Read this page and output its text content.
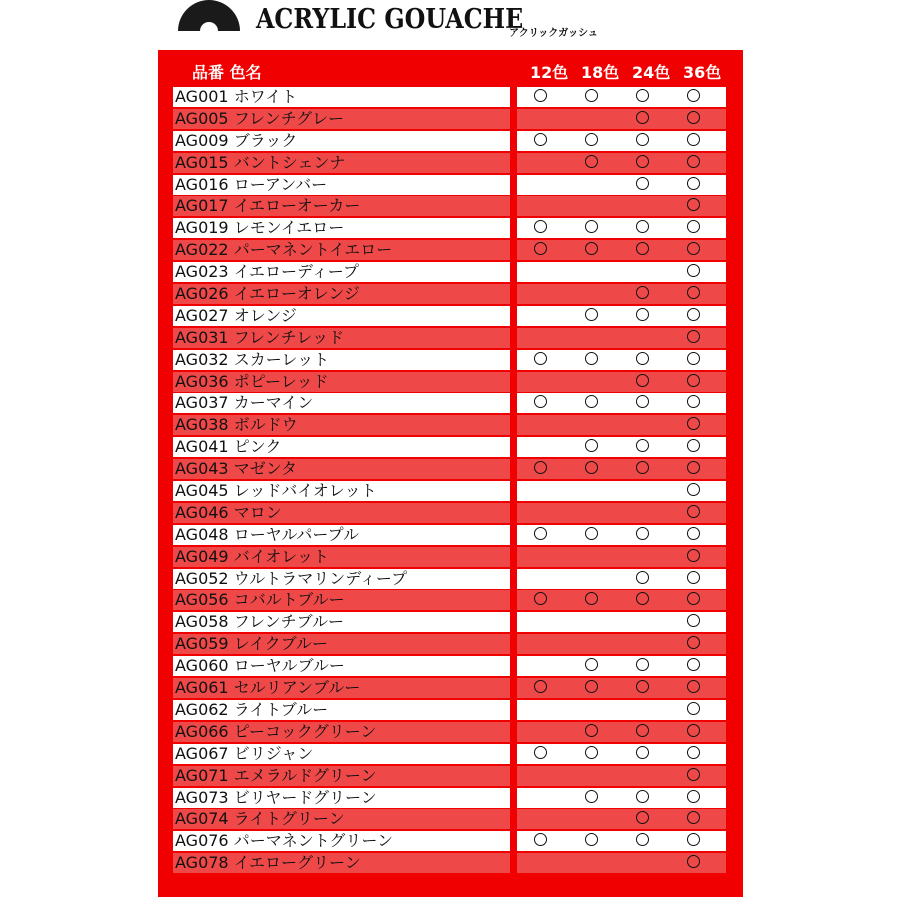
ACRYLIC GOUACHE
アクリックガッシュ
品番 色名	12色 18色 24色 36色
AG001 ホワイト
AG005 フレンチグレー
AG009 ブラック
AG015 バントシェンナ
AG016 ローアンバー
AG017 イエローオーカー
AG019 レモンイエロー
AG022 パーマネントイエロー
AG023 イエローディープ
AG026 イエローオレンジ
AG027 オレンジ
AG031 フレンチレッド
AG032 スカーレット
AG036 ポピーレッド
AG037 カーマイン
AG038 ボルドウ
AG041 ピンク
AG043 マゼンタ
AG045 レッドバイオレット
AG046 マロン
AG048 ローヤルパープル
AG049 バイオレット
AG052 ウルトラマリンディープ
AG056 コバルトブルー
AG058 フレンチブルー
AG059 レイクブルー
AG060 ローヤルブルー
AG061 セルリアンブルー
AG062 ライトブルー
AG066 ピーコックグリーン
AG067 ビリジャン
AG071 エメラルドグリーン
AG073 ビリヤードグリーン
AG074 ライトグリーン
AG076 パーマネントグリーン
AG078 イエローグリーン
